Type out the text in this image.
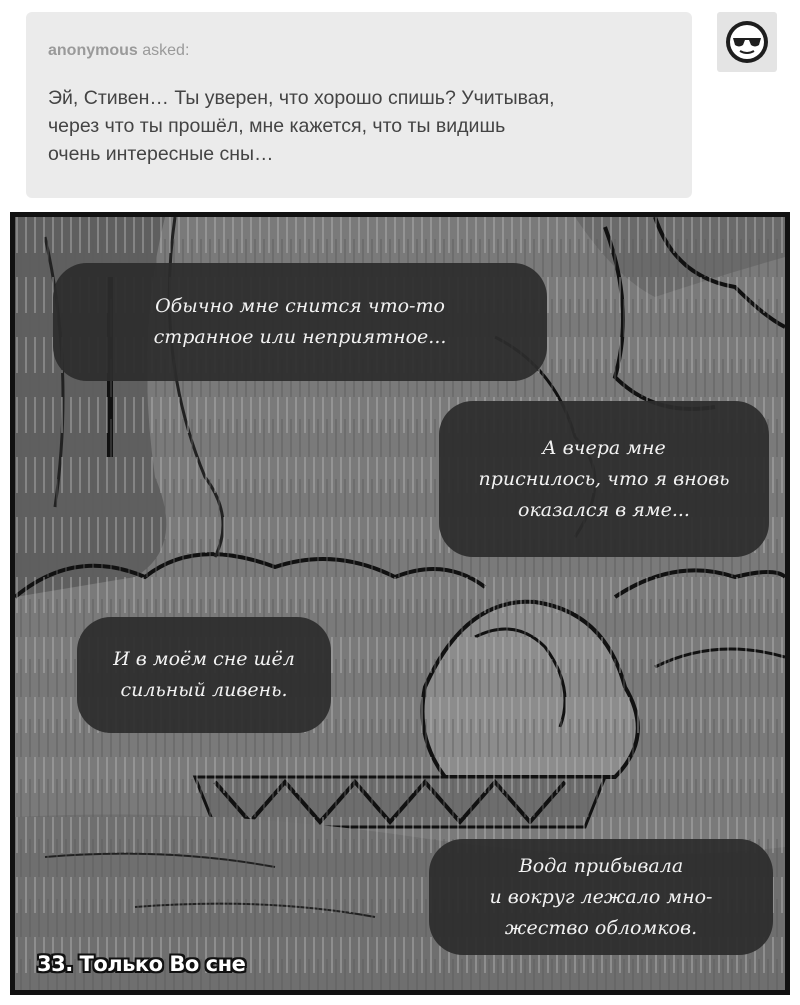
anonymous asked:

Эй, Стивен… Ты уверен, что хорошо спишь? Учитывая,
через что ты прошёл, мне кажется, что ты видишь
очень интересные сны…

Обычно мне снится что-то
странное или неприятное...
А вчера мне
приснилось, что я вновь
оказался в яме...
И в моём сне шёл
сильный ливень.
Вода прибывала
и вокруг лежало мно-
жество обломков.
33. Только Во сне
